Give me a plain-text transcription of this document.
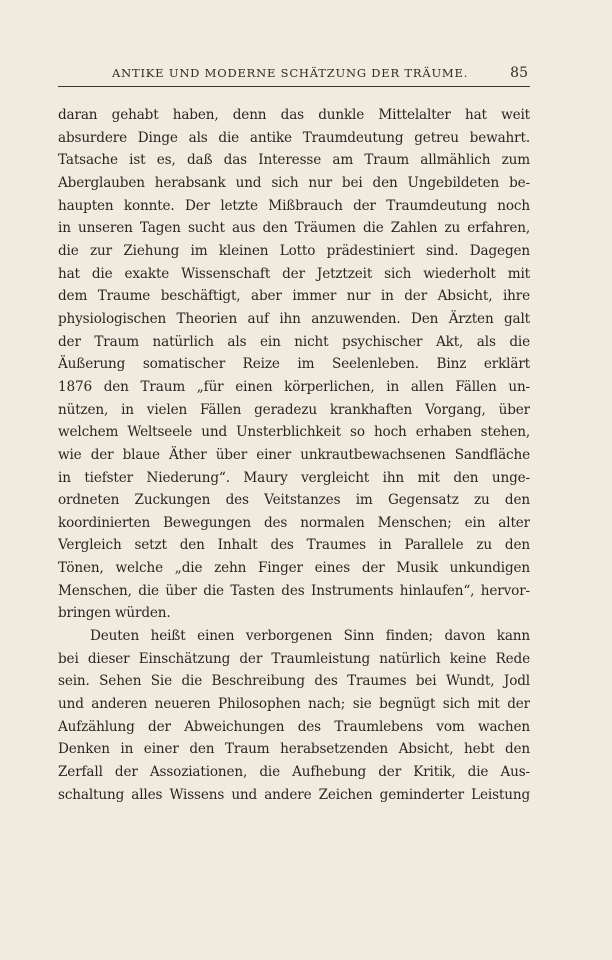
ANTIKE UND MODERNE SCHÄTZUNG DER TRÄUME.	85
daran gehabt haben, denn das dunkle Mittelalter hat weit
absurdere Dinge als die antike Traumdeutung getreu bewahrt.
Tatsache ist es, daß das Interesse am Traum allmählich zum
Aberglauben herabsank und sich nur bei den Ungebildeten be-
haupten konnte. Der letzte Mißbrauch der Traumdeutung noch
in unseren Tagen sucht aus den Träumen die Zahlen zu erfahren,
die zur Ziehung im kleinen Lotto prädestiniert sind. Dagegen
hat die exakte Wissenschaft der Jetztzeit sich wiederholt mit
dem Traume beschäftigt, aber immer nur in der Absicht, ihre
physiologischen Theorien auf ihn anzuwenden. Den Ärzten galt
der Traum natürlich als ein nicht psychischer Akt, als die
Äußerung somatischer Reize im Seelenleben. Binz erklärt
1876 den Traum „für einen körperlichen, in allen Fällen un-
nützen, in vielen Fällen geradezu krankhaften Vorgang, über
welchem Weltseele und Unsterblichkeit so hoch erhaben stehen,
wie der blaue Äther über einer unkrautbewachsenen Sandfläche
in tiefster Niederung“. Maury vergleicht ihn mit den unge-
ordneten Zuckungen des Veitstanzes im Gegensatz zu den
koordinierten Bewegungen des normalen Menschen; ein alter
Vergleich setzt den Inhalt des Traumes in Parallele zu den
Tönen, welche „die zehn Finger eines der Musik unkundigen
Menschen, die über die Tasten des Instruments hinlaufen“, hervor-
bringen würden.
Deuten heißt einen verborgenen Sinn finden; davon kann
bei dieser Einschätzung der Traumleistung natürlich keine Rede
sein. Sehen Sie die Beschreibung des Traumes bei Wundt, Jodl
und anderen neueren Philosophen nach; sie begnügt sich mit der
Aufzählung der Abweichungen des Traumlebens vom wachen
Denken in einer den Traum herabsetzenden Absicht, hebt den
Zerfall der Assoziationen, die Aufhebung der Kritik, die Aus-
schaltung alles Wissens und andere Zeichen geminderter Leistung
